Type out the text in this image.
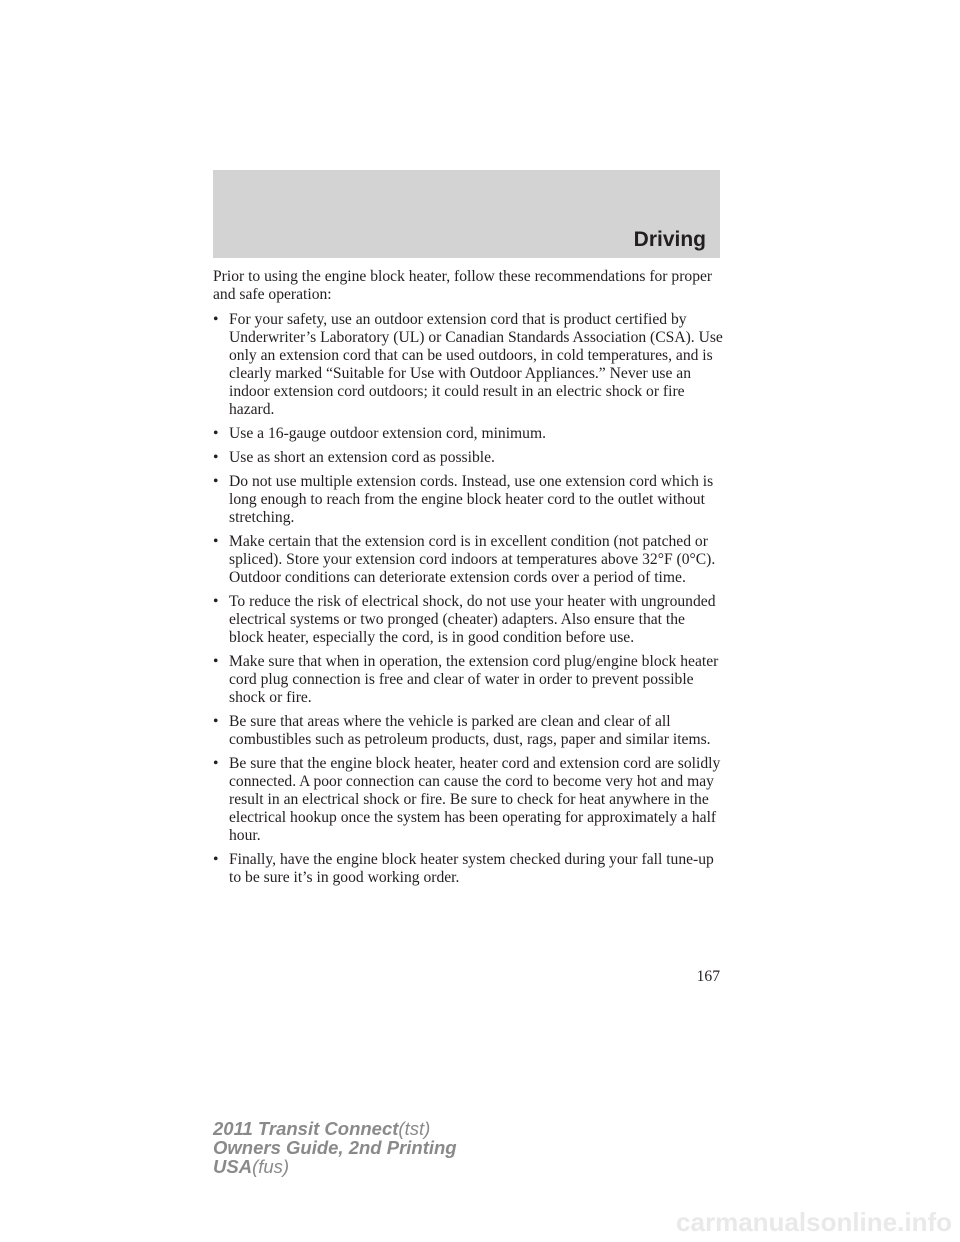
Driving

Prior to using the engine block heater, follow these recommendations for proper and safe operation:

• For your safety, use an outdoor extension cord that is product certified by Underwriter’s Laboratory (UL) or Canadian Standards Association (CSA). Use only an extension cord that can be used outdoors, in cold temperatures, and is clearly marked “Suitable for Use with Outdoor Appliances.” Never use an indoor extension cord outdoors; it could result in an electric shock or fire hazard.
• Use a 16-gauge outdoor extension cord, minimum.
• Use as short an extension cord as possible.
• Do not use multiple extension cords. Instead, use one extension cord which is long enough to reach from the engine block heater cord to the outlet without stretching.
• Make certain that the extension cord is in excellent condition (not patched or spliced). Store your extension cord indoors at temperatures above 32°F (0°C). Outdoor conditions can deteriorate extension cords over a period of time.
• To reduce the risk of electrical shock, do not use your heater with ungrounded electrical systems or two pronged (cheater) adapters. Also ensure that the block heater, especially the cord, is in good condition before use.
• Make sure that when in operation, the extension cord plug/engine block heater cord plug connection is free and clear of water in order to prevent possible shock or fire.
• Be sure that areas where the vehicle is parked are clean and clear of all combustibles such as petroleum products, dust, rags, paper and similar items.
• Be sure that the engine block heater, heater cord and extension cord are solidly connected. A poor connection can cause the cord to become very hot and may result in an electrical shock or fire. Be sure to check for heat anywhere in the electrical hookup once the system has been operating for approximately a half hour.
• Finally, have the engine block heater system checked during your fall tune-up to be sure it’s in good working order.

167

2011 Transit Connect(tst)
Owners Guide, 2nd Printing
USA(fus)
carmanualsonline.info
